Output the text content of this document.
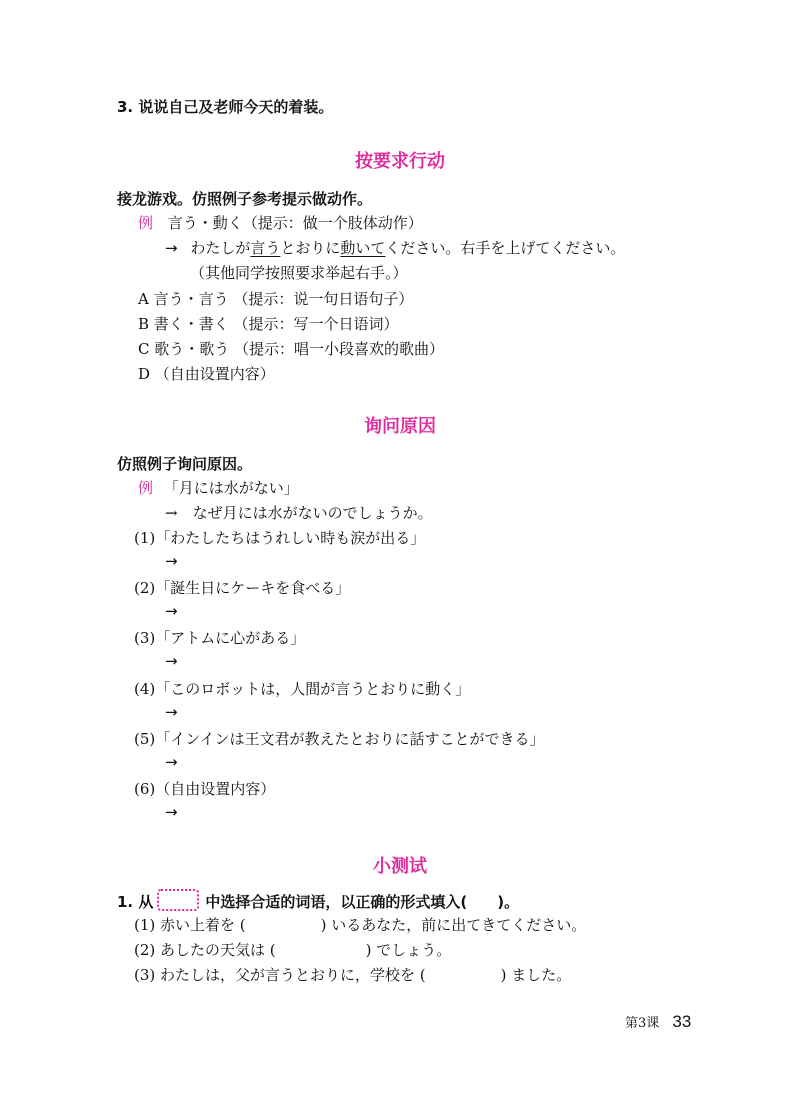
3. 说说自己及老师今天的着装。
按要求行动
接龙游戏。仿照例子参考提示做动作。
例 言う・動く（提示：做一个肢体动作）
→ わたしが言うとおりに動いてください。右手を上げてください。
（其他同学按照要求举起右手。）
A 言う・言う （提示：说一句日语句子）
B 書く・書く （提示：写一个日语词）
C 歌う・歌う （提示：唱一小段喜欢的歌曲）
D （自由设置内容）
询问原因
仿照例子询问原因。
例 「月には水がない」
→　なぜ月には水がないのでしょうか。
(1)「わたしたちはうれしい時も涙が出る」
→
(2)「誕生日にケーキを食べる」
→
(3)「アトムに心がある」
→
(4)「このロボットは，人間が言うとおりに動く」
→
(5)「インインは王文君が教えたとおりに話すことができる」
→
(6)（自由设置内容）
→
小测试
1. 从	中选择合适的词语，以正确的形式填入(　　)。
(1) 赤い上着を (　　　　　) いるあなた，前に出てきてください。
(2) あしたの天気は (　　　　　　) でしょう。
(3) わたしは，父が言うとおりに，学校を (　　　　　) ました。
第3课 33
